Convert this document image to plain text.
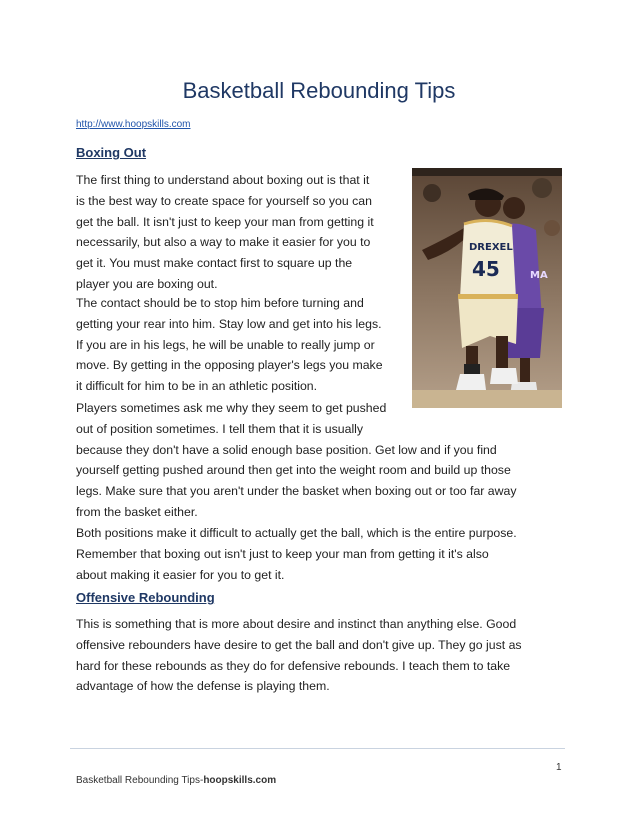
Basketball Rebounding Tips
http://www.hoopskills.com
Boxing Out

The first thing to understand about boxing out is that it
is the best way to create space for yourself so you can
get the ball. It isn't just to keep your man from getting it
necessarily, but also a way to make it easier for you to
get it. You must make contact first to square up the
player you are boxing out.

The contact should be to stop him before turning and
getting your rear into him. Stay low and get into his legs.
If you are in his legs, he will be unable to really jump or
move. By getting in the opposing player's legs you make
it difficult for him to be in an athletic position.

Players sometimes ask me why they seem to get pushed
out of position sometimes. I tell them that it is usually
because they don't have a solid enough base position. Get low and if you find
yourself getting pushed around then get into the weight room and build up those
legs. Make sure that you aren't under the basket when boxing out or too far away
from the basket either.

Both positions make it difficult to actually get the ball, which is the entire purpose.
Remember that boxing out isn't just to keep your man from getting it it's also
about making it easier for you to get it.

Offensive Rebounding

This is something that is more about desire and instinct than anything else. Good
offensive rebounders have desire to get the ball and don't give up. They go just as
hard for these rebounds as they do for defensive rebounds. I teach them to take
advantage of how the defense is playing them.

DREXEL
45	MA
1
Basketball Rebounding Tips-hoopskills.com
